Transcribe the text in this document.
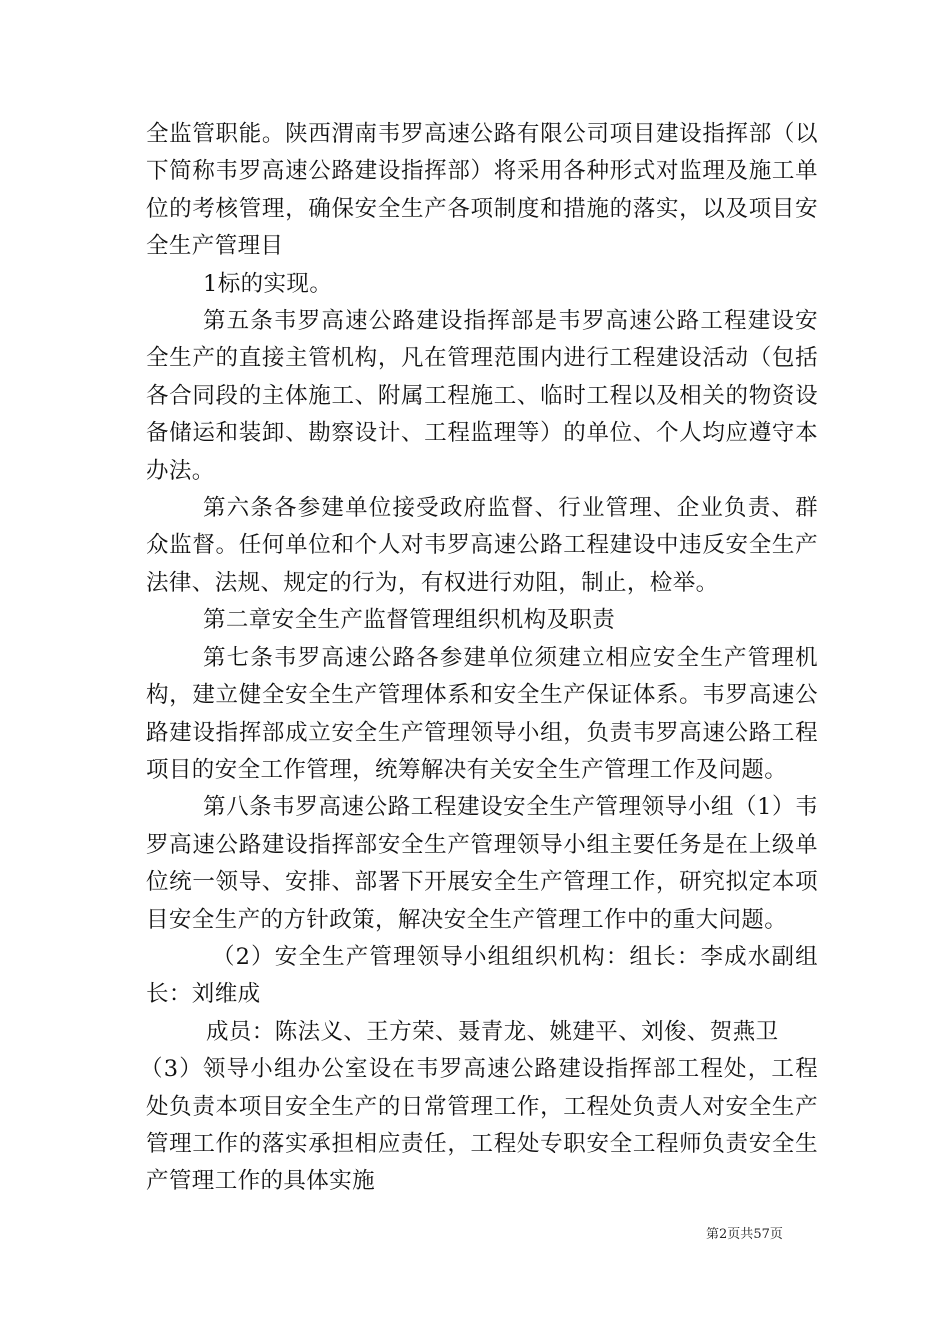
全监管职能。陕西渭南韦罗高速公路有限公司项目建设指挥部（以下简称韦罗高速公路建设指挥部）将采用各种形式对监理及施工单位的考核管理，确保安全生产各项制度和措施的落实，以及项目安全生产管理目

1标的实现。

第五条韦罗高速公路建设指挥部是韦罗高速公路工程建设安全生产的直接主管机构，凡在管理范围内进行工程建设活动（包括各合同段的主体施工、附属工程施工、临时工程以及相关的物资设备储运和装卸、勘察设计、工程监理等）的单位、个人均应遵守本办法。

第六条各参建单位接受政府监督、行业管理、企业负责、群众监督。任何单位和个人对韦罗高速公路工程建设中违反安全生产法律、法规、规定的行为，有权进行劝阻，制止，检举。

第二章安全生产监督管理组织机构及职责

第七条韦罗高速公路各参建单位须建立相应安全生产管理机构，建立健全安全生产管理体系和安全生产保证体系。韦罗高速公路建设指挥部成立安全生产管理领导小组，负责韦罗高速公路工程项目的安全工作管理，统筹解决有关安全生产管理工作及问题。

第八条韦罗高速公路工程建设安全生产管理领导小组（1）韦罗高速公路建设指挥部安全生产管理领导小组主要任务是在上级单位统一领导、安排、部署下开展安全生产管理工作，研究拟定本项目安全生产的方针政策，解决安全生产管理工作中的重大问题。

（2）安全生产管理领导小组组织机构：组长：李成水副组长：刘维成

成员：陈法义、王方荣、聂青龙、姚建平、刘俊、贺燕卫

（3）领导小组办公室设在韦罗高速公路建设指挥部工程处，工程处负责本项目安全生产的日常管理工作，工程处负责人对安全生产管理工作的落实承担相应责任，工程处专职安全工程师负责安全生产管理工作的具体实施

第2页共57页
